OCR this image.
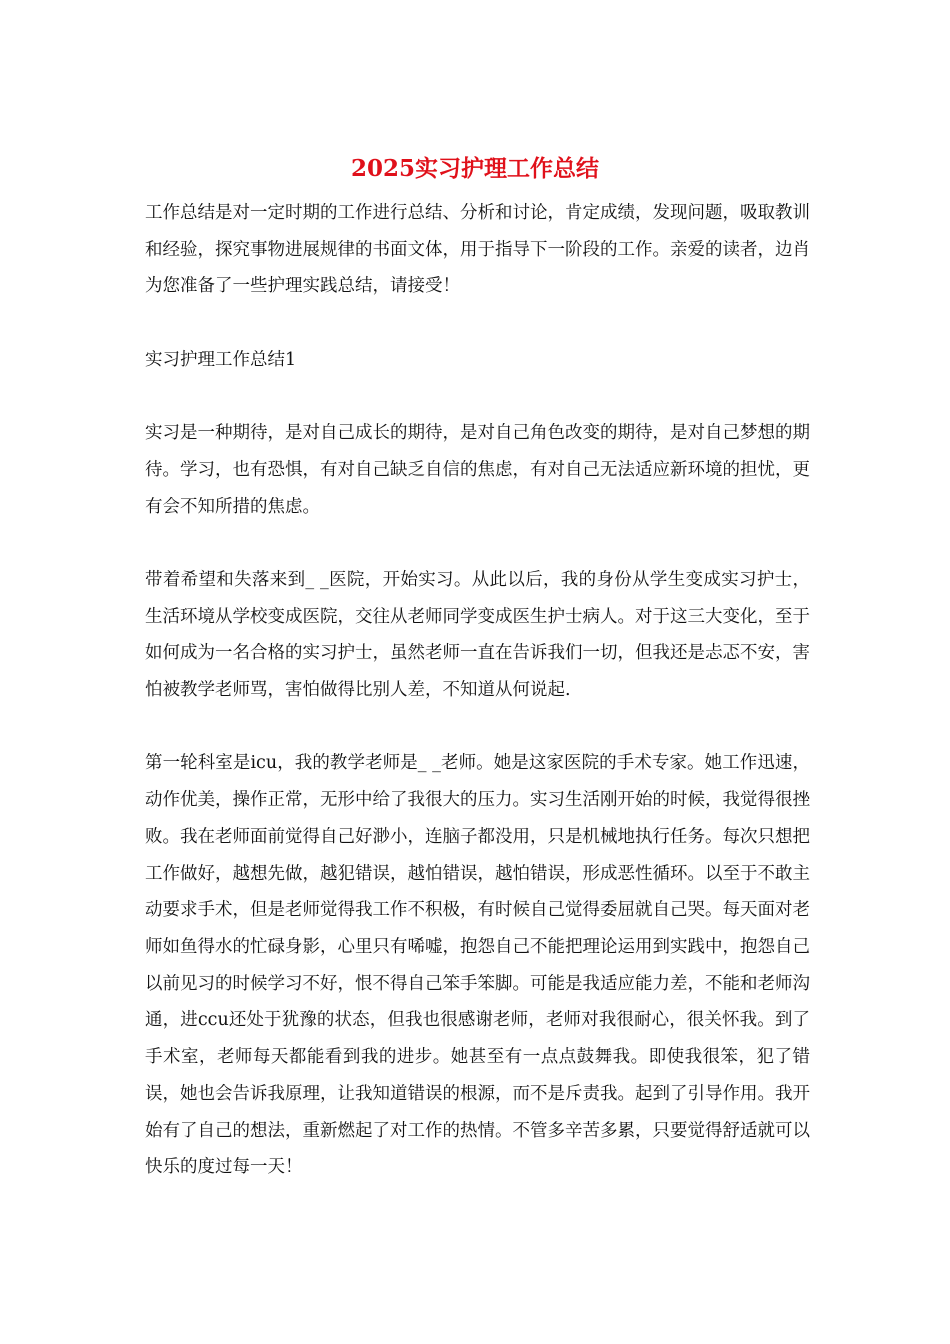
2025实习护理工作总结

工作总结是对一定时期的工作进行总结、分析和讨论，肯定成绩，发现问题，吸取教训和经验，探究事物进展规律的书面文体，用于指导下一阶段的工作。亲爱的读者，边肖为您准备了一些护理实践总结，请接受！

实习护理工作总结1

实习是一种期待，是对自己成长的期待，是对自己角色改变的期待，是对自己梦想的期待。学习，也有恐惧，有对自己缺乏自信的焦虑，有对自己无法适应新环境的担忧，更有会不知所措的焦虑。

带着希望和失落来到_ _医院，开始实习。从此以后，我的身份从学生变成实习护士，生活环境从学校变成医院，交往从老师同学变成医生护士病人。对于这三大变化，至于如何成为一名合格的实习护士，虽然老师一直在告诉我们一切，但我还是忐忑不安，害怕被教学老师骂，害怕做得比别人差，不知道从何说起.

第一轮科室是icu，我的教学老师是_ _老师。她是这家医院的手术专家。她工作迅速，动作优美，操作正常，无形中给了我很大的压力。实习生活刚开始的时候，我觉得很挫败。我在老师面前觉得自己好渺小，连脑子都没用，只是机械地执行任务。每次只想把工作做好，越想先做，越犯错误，越怕错误，越怕错误，形成恶性循环。以至于不敢主动要求手术，但是老师觉得我工作不积极，有时候自己觉得委屈就自己哭。每天面对老师如鱼得水的忙碌身影，心里只有唏嘘，抱怨自己不能把理论运用到实践中，抱怨自己以前见习的时候学习不好，恨不得自己笨手笨脚。可能是我适应能力差，不能和老师沟通，进ccu还处于犹豫的状态，但我也很感谢老师，老师对我很耐心，很关怀我。到了手术室，老师每天都能看到我的进步。她甚至有一点点鼓舞我。即使我很笨，犯了错误，她也会告诉我原理，让我知道错误的根源，而不是斥责我。起到了引导作用。我开始有了自己的想法，重新燃起了对工作的热情。不管多辛苦多累，只要觉得舒适就可以快乐的度过每一天！
